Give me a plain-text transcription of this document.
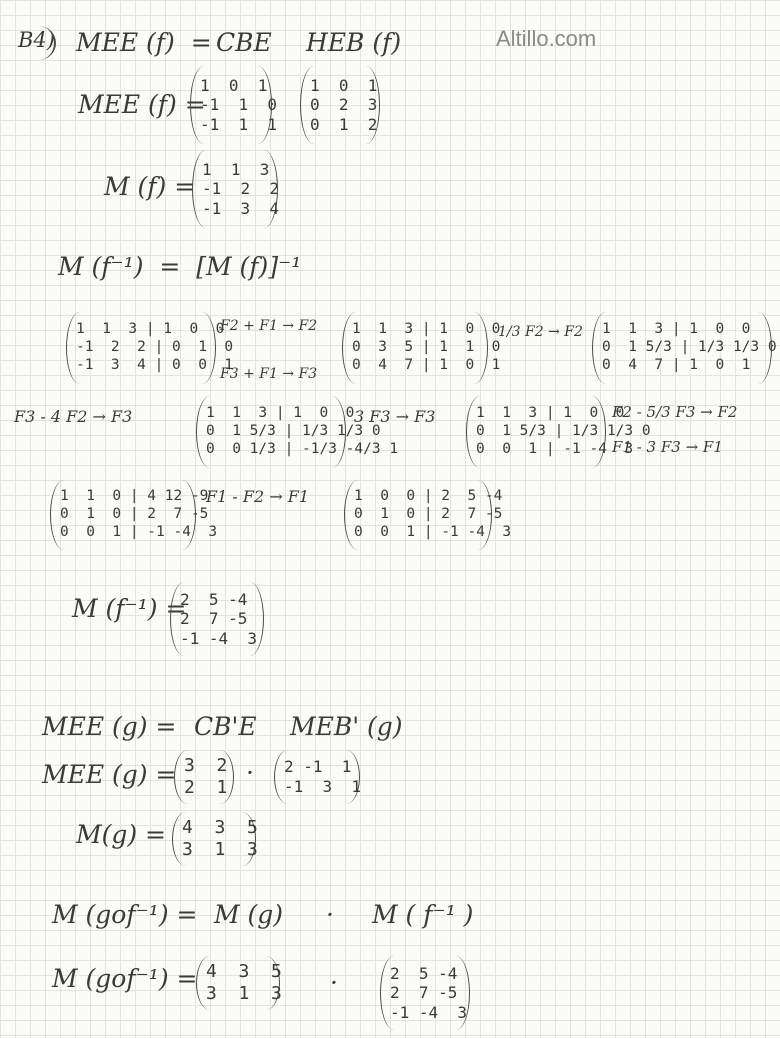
Altillo.com
B4) MEE (f)  = CBE HEB (f)
MEE (f) =
1  0  1
-1  1  0
-1  1  1
1  0  1
0  2  3
0  1  2
M (f) =
1  1  3
-1  2  2
-1  3  4
M (f⁻¹)  =  [M (f)]⁻¹
1  1  3 | 1  0  0
-1  2  2 | 0  1  0
-1  3  4 | 0  0  1
F2 + F1 → F2

F3 + F1 → F3
1  1  3 | 1  0  0
0  3  5 | 1  1  0
0  4  7 | 1  0  1
1/3 F2 → F2 1  1  3 | 1  0  0
0  1 5/3 | 1/3 1/3 0
0  4  7 | 1  0  1
F3 - 4 F2 → F3	1  1  3 | 1  0  0
0  1 5/3 | 1/3 1/3 0
0  0 1/3 | -1/3 -4/3 1
3 F3 → F3	1  1  3 | 1  0  0
0  1 5/3 | 1/3 1/3 0
0  0  1 | -1 -4  3
F2 - 5/3 F3 → F2

F1 - 3 F3 → F1
1  1  0 | 4 12 -9
0  1  0 | 2  7 -5
0  0  1 | -1 -4  3
F1 - F2 → F1	1  0  0 | 2  5 -4
0  1  0 | 2  7 -5
0  0  1 | -1 -4  3
M (f⁻¹) =
2  5 -4
2  7 -5
-1 -4  3
MEE (g) = CB'E MEB' (g)
MEE (g) = 3  2
2  1
· 2 -1  1
-1  3  1
M(g) = 4  3  5
3  1  3
M (gof⁻¹) = M (g) · M ( f⁻¹ )
M (gof⁻¹) = 4  3  5
3  1  3 ·	2  5 -4
2  7 -5
-1 -4  3
